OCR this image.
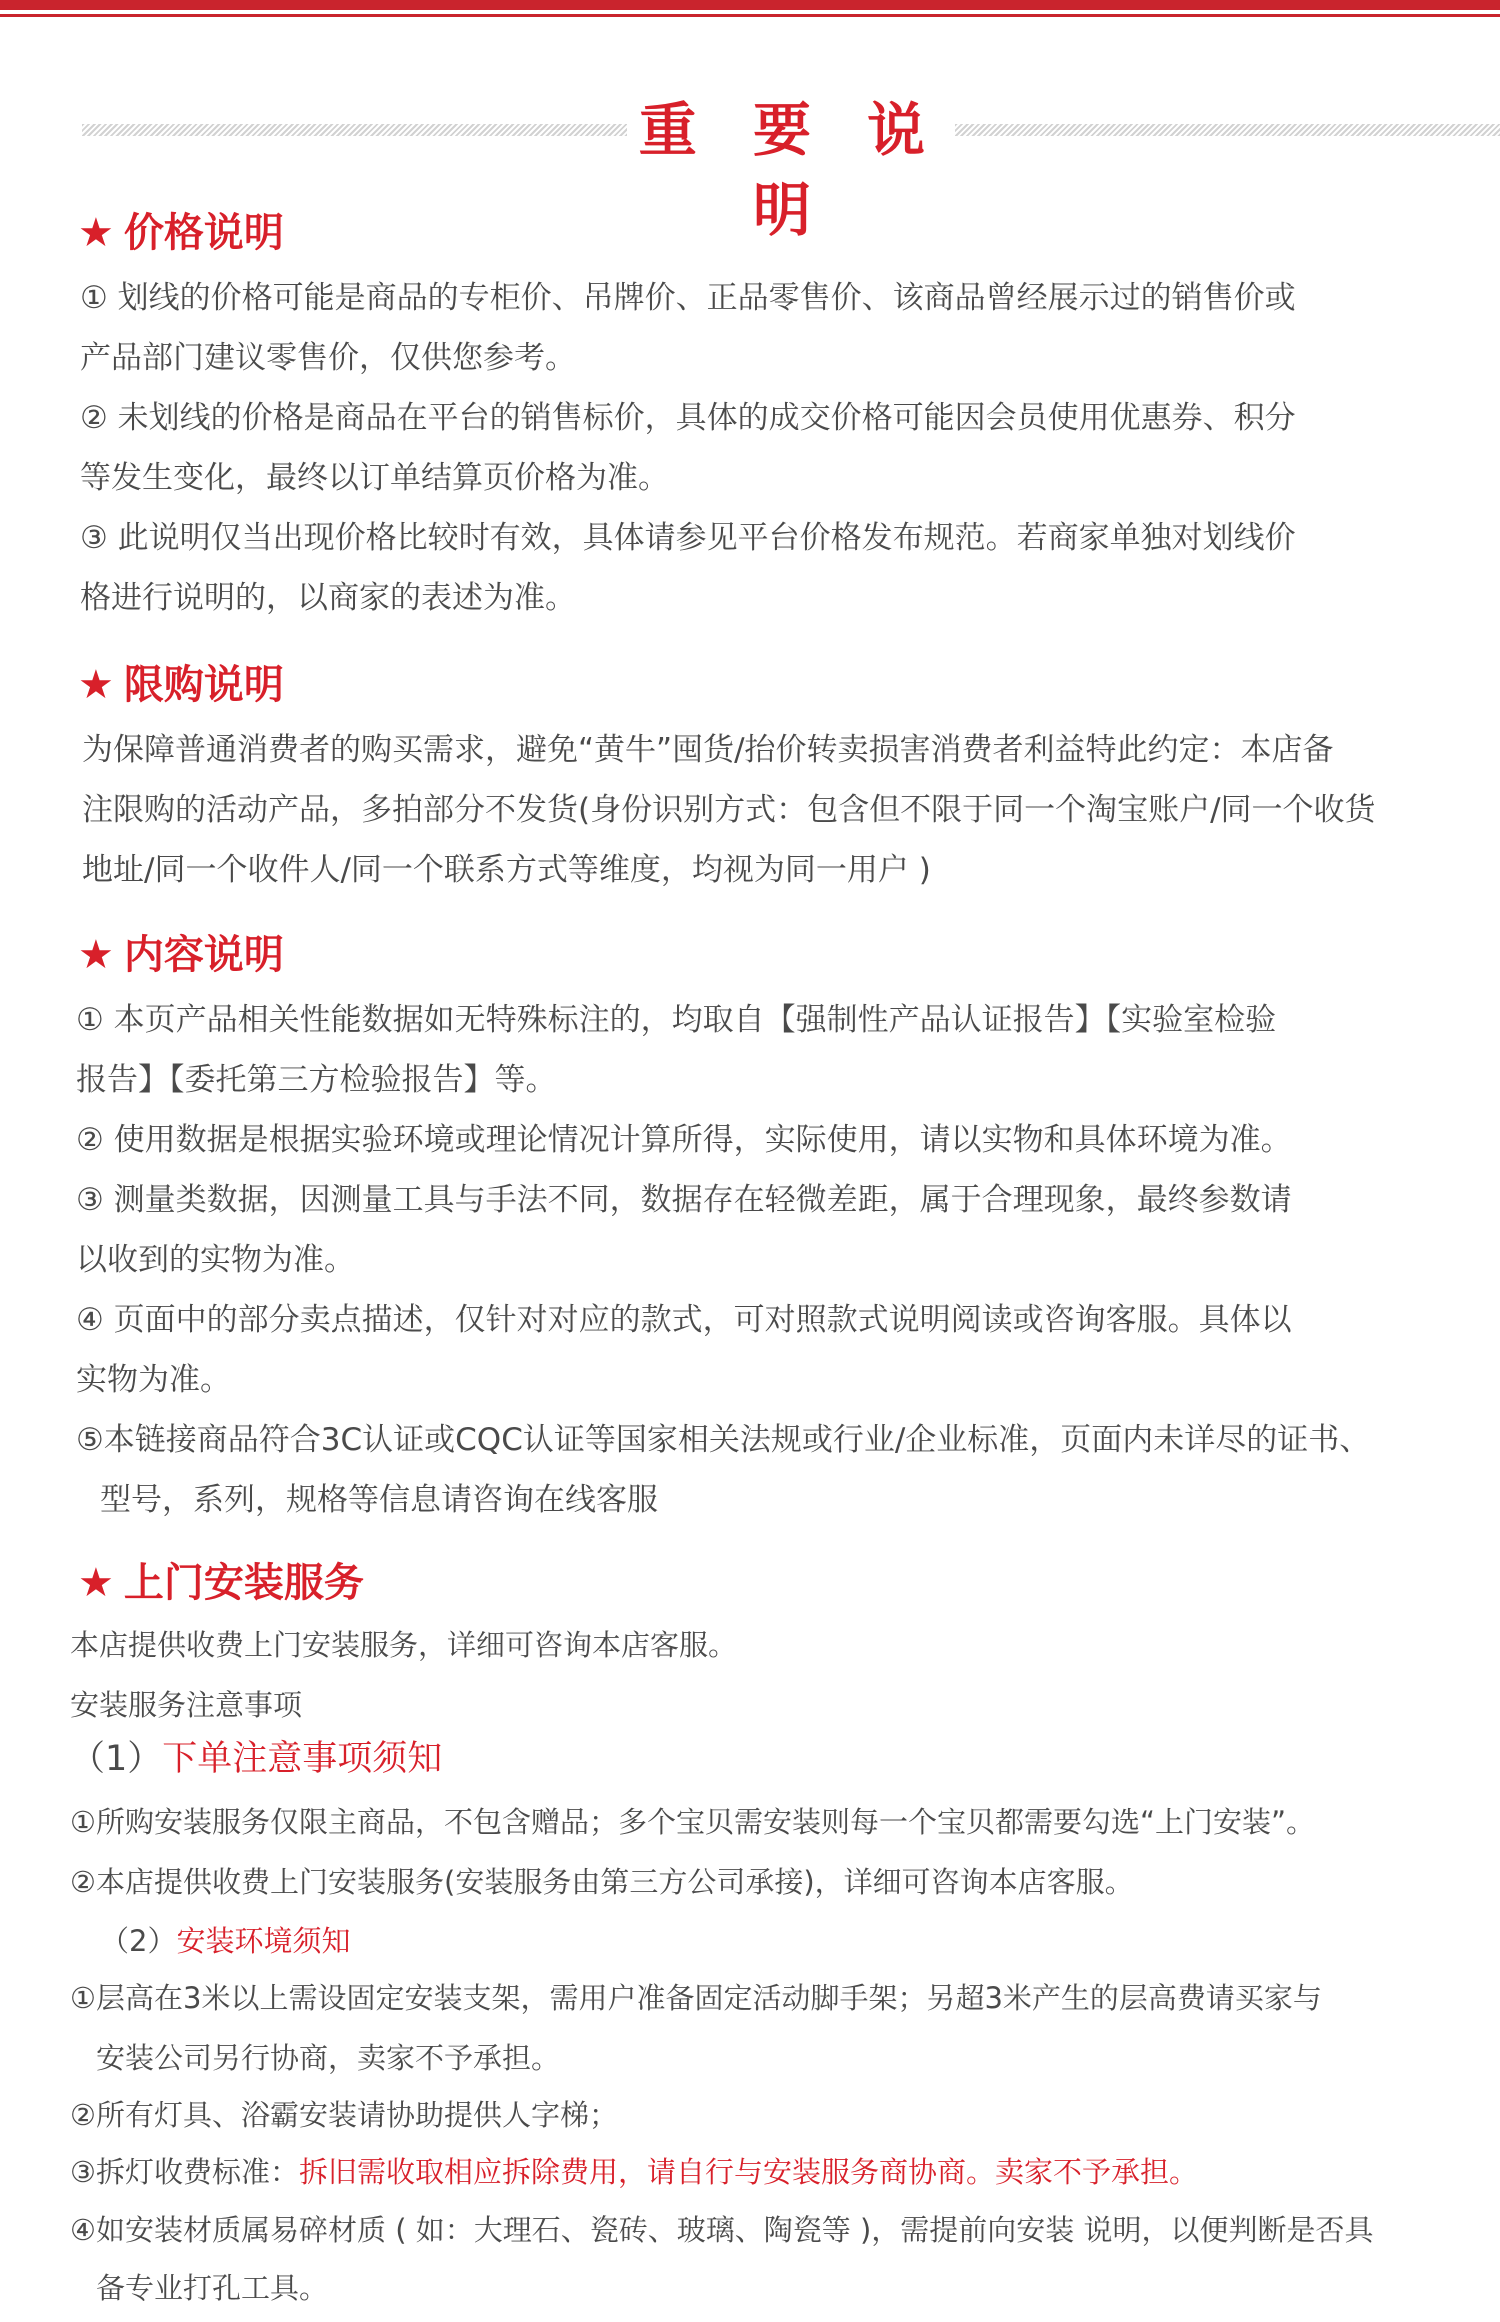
重 要 说 明
★ 价格说明
① 划线的价格可能是商品的专柜价、吊牌价、正品零售价、该商品曾经展示过的销售价或
产品部门建议零售价，仅供您参考。
② 未划线的价格是商品在平台的销售标价，具体的成交价格可能因会员使用优惠券、积分
等发生变化，最终以订单结算页价格为准。
③ 此说明仅当出现价格比较时有效，具体请参见平台价格发布规范。若商家单独对划线价
格进行说明的，以商家的表述为准。
★ 限购说明
为保障普通消费者的购买需求，避免“黄牛”囤货/抬价转卖损害消费者利益特此约定：本店备
注限购的活动产品，多拍部分不发货(身份识别方式：包含但不限于同一个淘宝账户/同一个收货
地址/同一个收件人/同一个联系方式等维度，均视为同一用户 )
★ 内容说明
① 本页产品相关性能数据如无特殊标注的，均取自【强制性产品认证报告】【实验室检验
报告】【委托第三方检验报告】等。
② 使用数据是根据实验环境或理论情况计算所得，实际使用，请以实物和具体环境为准。
③ 测量类数据，因测量工具与手法不同，数据存在轻微差距，属于合理现象，最终参数请
以收到的实物为准。
④ 页面中的部分卖点描述，仅针对对应的款式，可对照款式说明阅读或咨询客服。具体以
实物为准。
⑤本链接商品符合3C认证或CQC认证等国家相关法规或行业/企业标准，页面内未详尽的证书、
型号，系列，规格等信息请咨询在线客服
★ 上门安装服务
本店提供收费上门安装服务，详细可咨询本店客服。
安装服务注意事项
（1）下单注意事项须知
①所购安装服务仅限主商品，不包含赠品；多个宝贝需安装则每一个宝贝都需要勾选“上门安装”。
②本店提供收费上门安装服务(安装服务由第三方公司承接)，详细可咨询本店客服。
（2）安装环境须知
①层高在3米以上需设固定安装支架，需用户准备固定活动脚手架；另超3米产生的层高费请买家与
安装公司另行协商，卖家不予承担。
②所有灯具、浴霸安装请协助提供人字梯；
③拆灯收费标准：拆旧需收取相应拆除费用，请自行与安装服务商协商。卖家不予承担。
④如安装材质属易碎材质 ( 如：大理石、瓷砖、玻璃、陶瓷等 )，需提前向安装 说明，以便判断是否具
备专业打孔工具。
